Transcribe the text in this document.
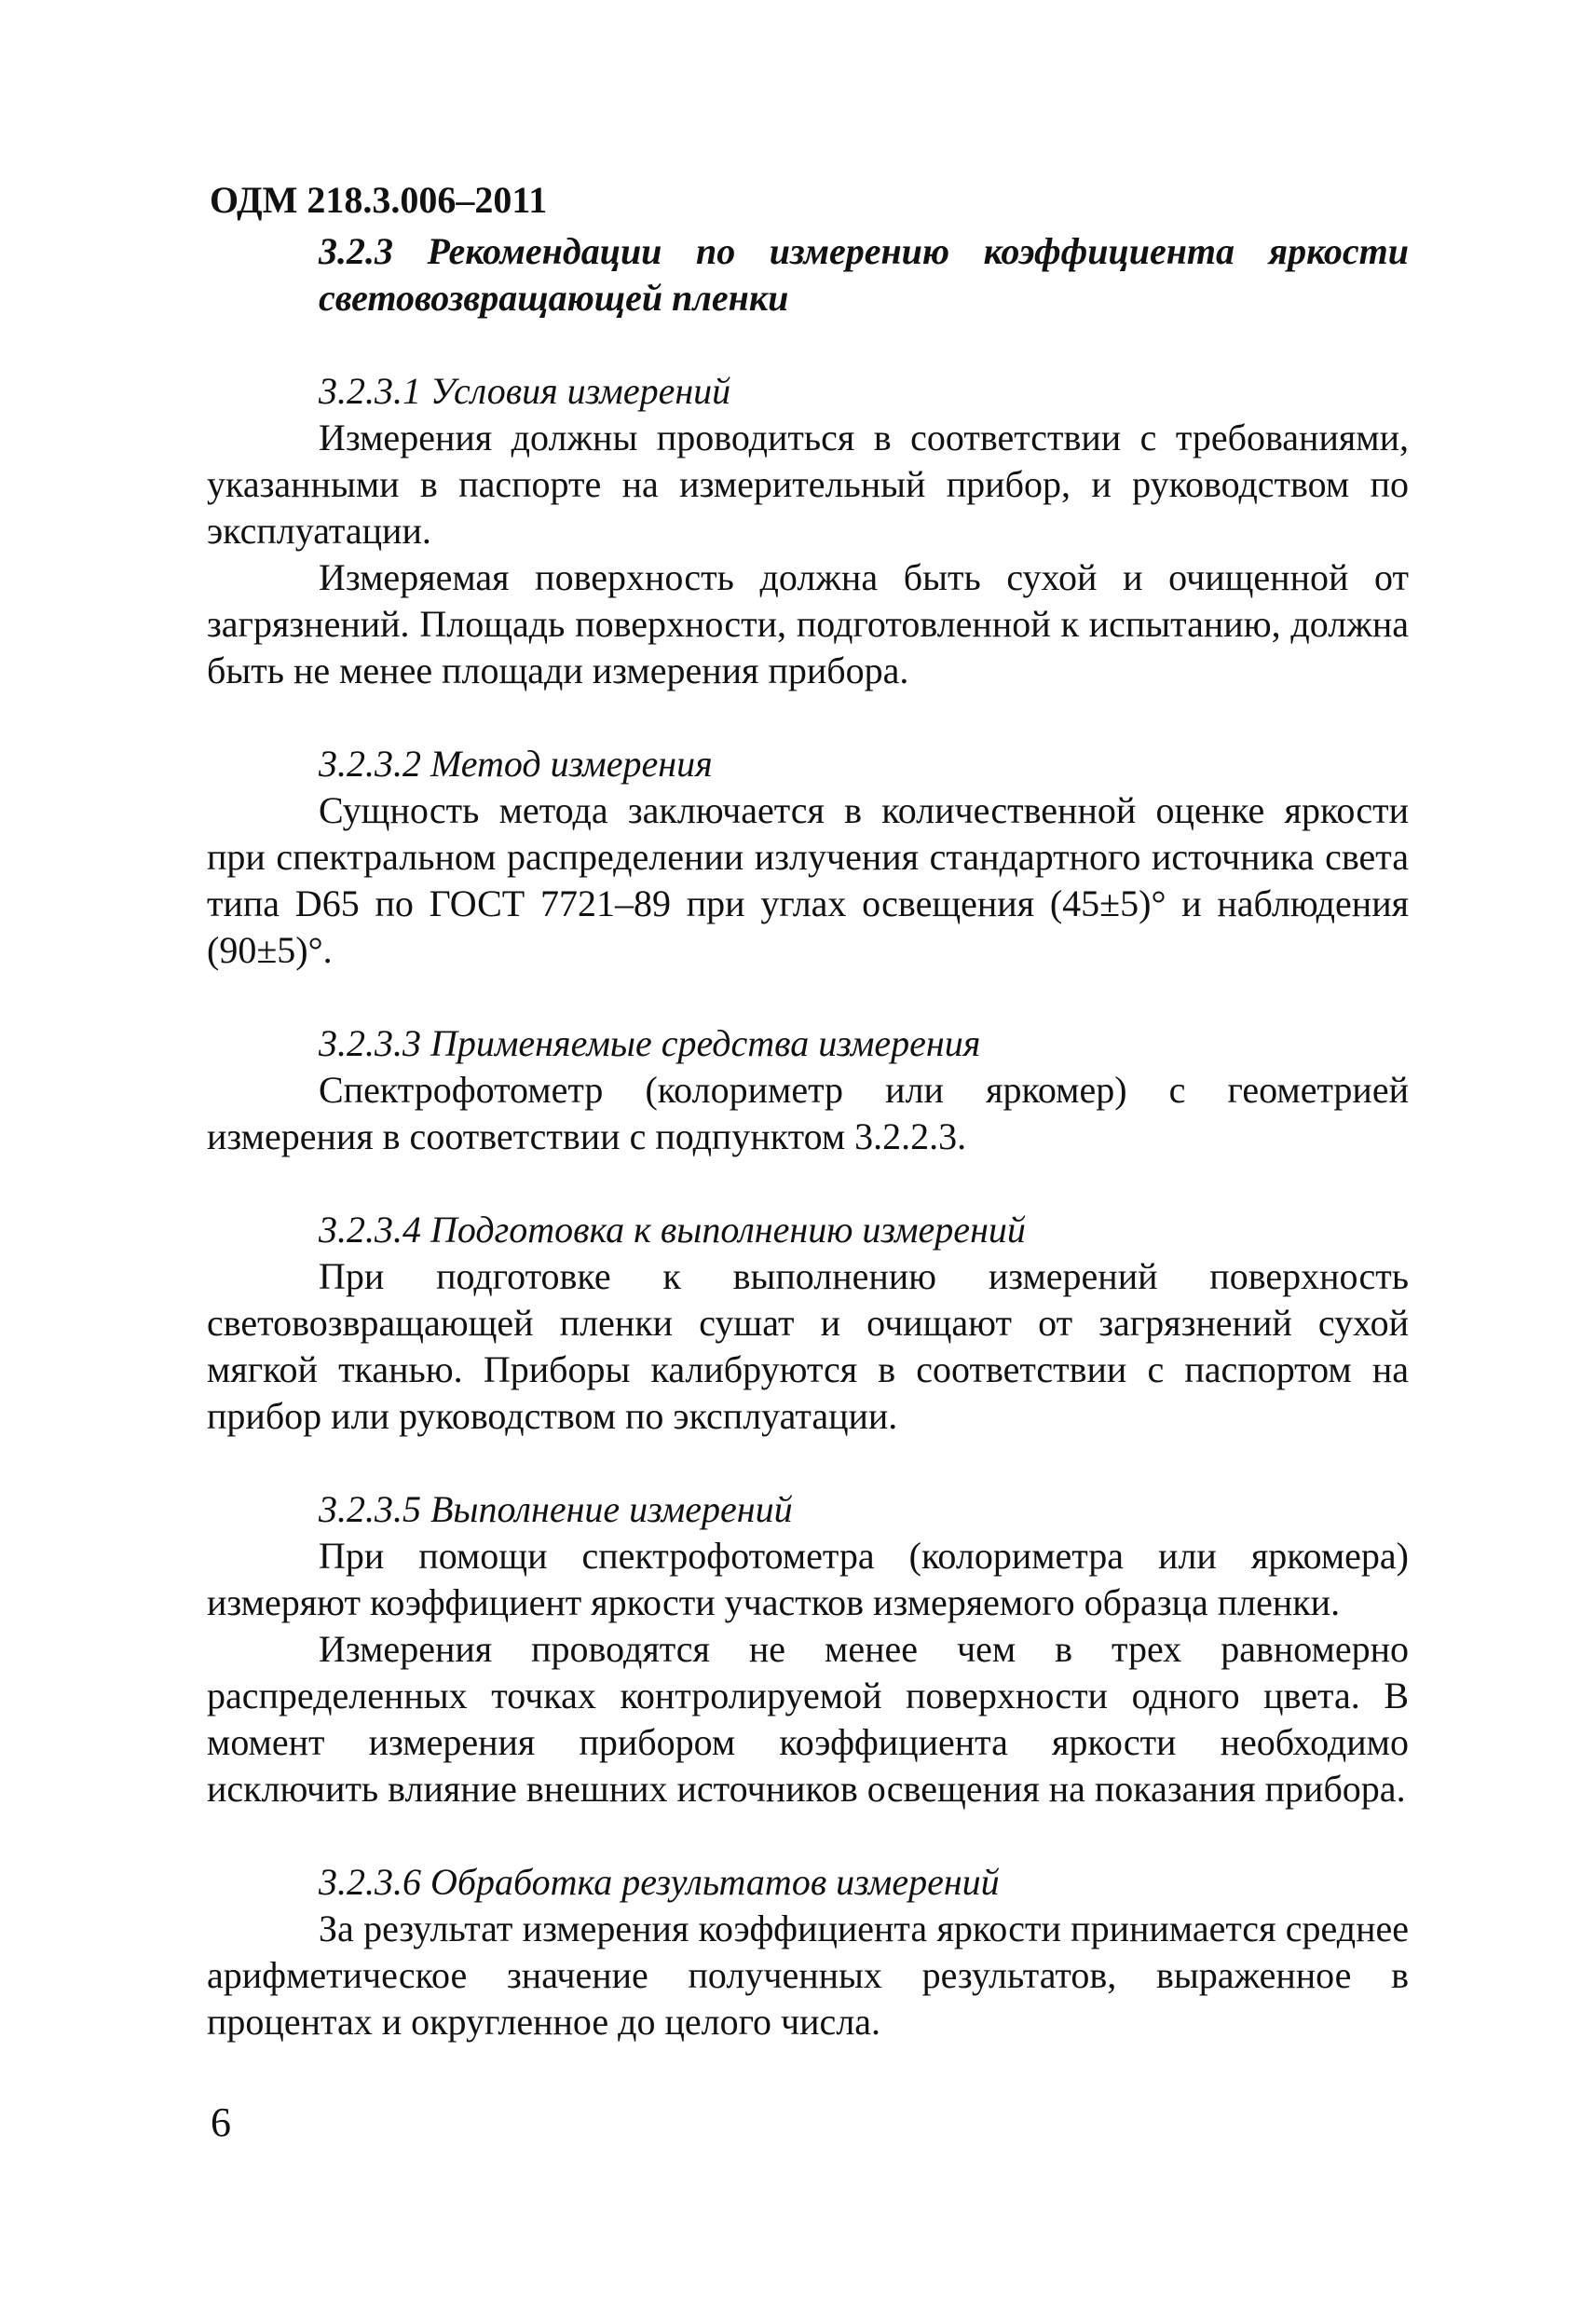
ОДМ 218.3.006–2011

3.2.3 Рекомендации по измерению коэффициента яркости световозвращающей пленки

3.2.3.1 Условия измерений

Измерения должны проводиться в соответствии с требованиями, указанными в паспорте на измерительный прибор, и руководством по эксплуатации.

Измеряемая поверхность должна быть сухой и очищенной от загрязнений. Площадь поверхности, подготовленной к испытанию, должна быть не менее площади измерения прибора.

3.2.3.2 Метод измерения

Сущность метода заключается в количественной оценке яркости при спектральном распределении излучения стандартного источника света типа D65 по ГОСТ 7721–89 при углах освещения (45±5)° и наблюдения (90±5)°.

3.2.3.3 Применяемые средства измерения

Спектрофотометр (колориметр или яркомер) с геометрией измерения в соответствии с подпунктом 3.2.2.3.

3.2.3.4 Подготовка к выполнению измерений

При подготовке к выполнению измерений поверхность световозвращающей пленки сушат и очищают от загрязнений сухой мягкой тканью. Приборы калибруются в соответствии с паспортом на прибор или руководством по эксплуатации.

3.2.3.5 Выполнение измерений

При помощи спектрофотометра (колориметра или яркомера) измеряют коэффициент яркости участков измеряемого образца пленки.

Измерения проводятся не менее чем в трех равномерно распределенных точках контролируемой поверхности одного цвета. В момент измерения прибором коэффициента яркости необходимо исключить влияние внешних источников освещения на показания прибора.

3.2.3.6 Обработка результатов измерений

За результат измерения коэффициента яркости принимается среднее арифметическое значение полученных результатов, выраженное в процентах и округленное до целого числа.

6
